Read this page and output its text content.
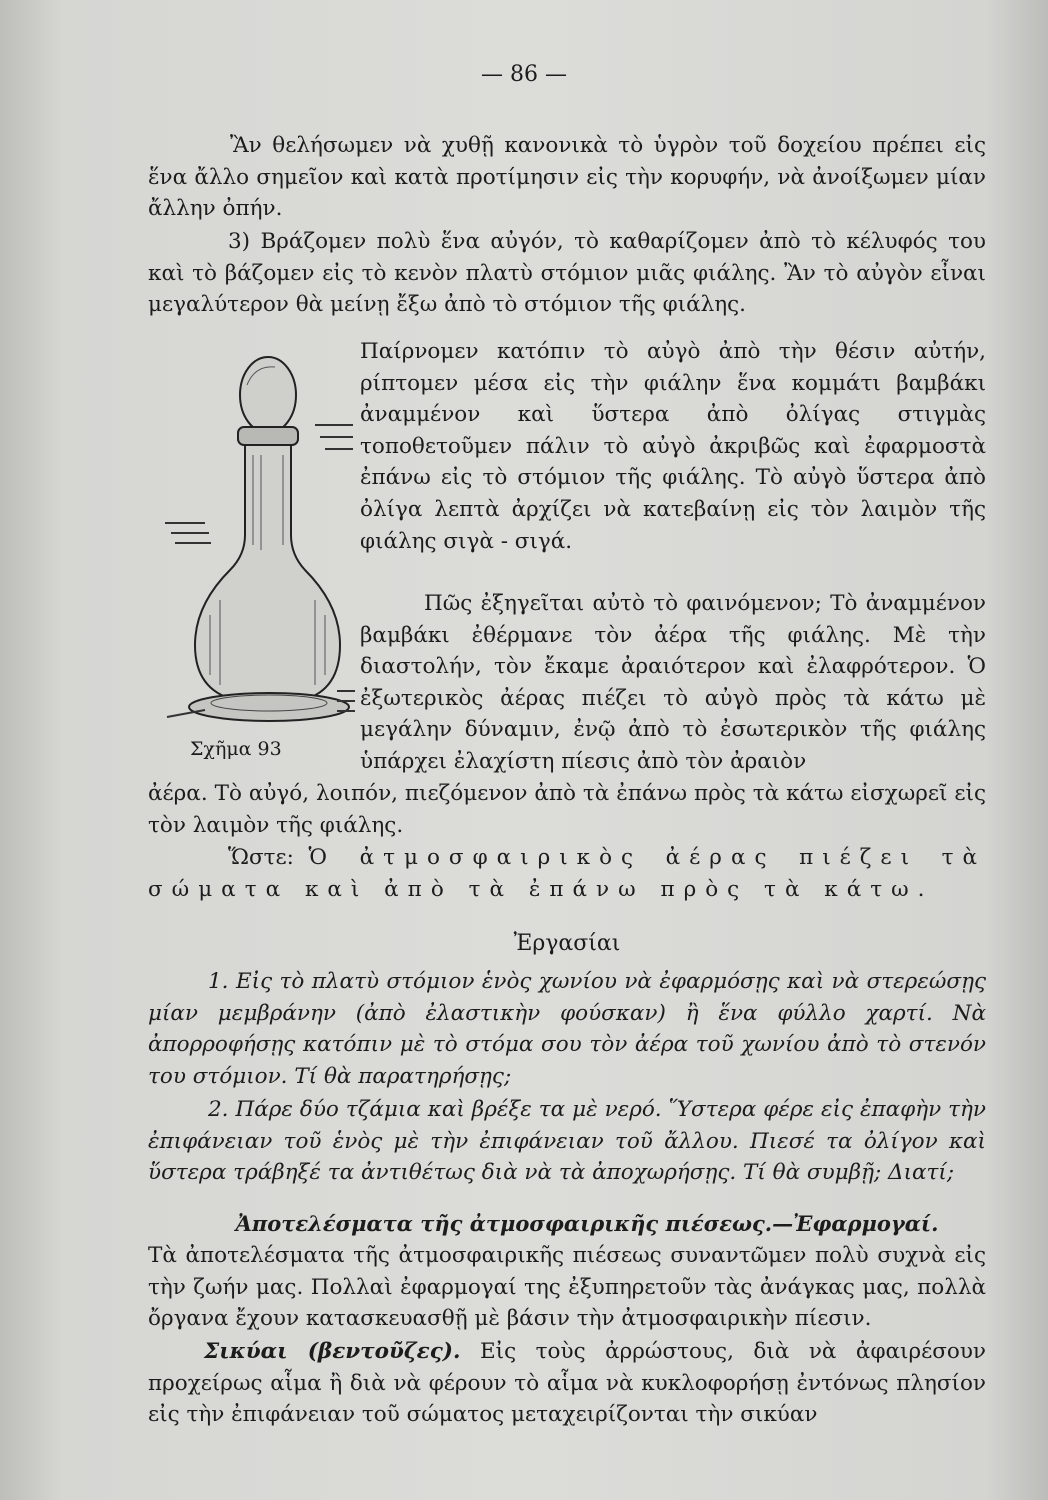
— 86 —
Ἂν θελήσωμεν νὰ χυθῇ κανονικὰ τὸ ὑγρὸν τοῦ δοχείου πρέπει εἰς ἕνα ἄλλο σημεῖον καὶ κατὰ προτίμησιν εἰς τὴν κορυφήν, νὰ ἀνοίξωμεν μίαν ἄλλην ὀπήν.
3) Βράζομεν πολὺ ἕνα αὐγόν, τὸ καθαρίζομεν ἀπὸ τὸ κέλυφός του καὶ τὸ βάζομεν εἰς τὸ κενὸν πλατὺ στόμιον μιᾶς φιάλης. Ἂν τὸ αὐγὸν εἶναι μεγαλύτερον θὰ μείνῃ ἔξω ἀπὸ τὸ στόμιον τῆς φιάλης.
Παίρνομεν κατόπιν τὸ αὐγὸ ἀπὸ τὴν θέσιν αὐτήν, ρίπτομεν μέσα εἰς τὴν φιάλην ἕνα κομμάτι βαμβάκι ἀναμμένον καὶ ὕστερα ἀπὸ ὀλίγας στιγμὰς τοποθετοῦμεν πάλιν τὸ αὐγὸ ἀκριβῶς καὶ ἐφαρμοστὰ ἐπάνω εἰς τὸ στόμιον τῆς φιάλης. Τὸ αὐγὸ ὕστερα ἀπὸ ὀλίγα λεπτὰ ἀρχίζει νὰ κατεβαίνῃ εἰς τὸν λαιμὸν τῆς φιάλης σιγὰ - σιγά.
Πῶς ἐξηγεῖται αὐτὸ τὸ φαινόμενον; Τὸ ἀναμμένον βαμβάκι ἐθέρμανε τὸν ἀέρα τῆς φιάλης. Μὲ τὴν διαστολήν, τὸν ἔκαμε ἀραιότερον καὶ ἐλαφρότερον. Ὁ ἐξωτερικὸς ἀέρας πιέζει τὸ αὐγὸ πρὸς τὰ κάτω μὲ μεγάλην δύναμιν, ἐνῷ ἀπὸ τὸ ἐσωτερικὸν τῆς φιάλης ὑπάρχει ἐλαχίστη πίεσις ἀπὸ τὸν ἀραιὸν
ἀέρα. Τὸ αὐγό, λοιπόν, πιεζόμενον ἀπὸ τὰ ἐπάνω πρὸς τὰ κάτω εἰσχωρεῖ εἰς τὸν λαιμὸν τῆς φιάλης.
Ὥστε: Ὁ ἀτμοσφαιρικὸς ἀέρας πιέζει τὰ σώματα καὶ ἀπὸ τὰ ἐπάνω πρὸς τὰ κάτω.
Σχῆμα 93
Ἐργασίαι
1. Εἰς τὸ πλατὺ στόμιον ἑνὸς χωνίου νὰ ἐφαρμόσῃς καὶ νὰ στερεώσῃς μίαν μεμβράνην (ἀπὸ ἐλαστικὴν φούσκαν) ἢ ἕνα φύλλο χαρτί. Νὰ ἀπορροφήσῃς κατόπιν μὲ τὸ στόμα σου τὸν ἀέρα τοῦ χωνίου ἀπὸ τὸ στενόν του στόμιον. Τί θὰ παρατηρήσῃς;
2. Πάρε δύο τζάμια καὶ βρέξε τα μὲ νερό. Ὕστερα φέρε εἰς ἐπαφὴν τὴν ἐπιφάνειαν τοῦ ἑνὸς μὲ τὴν ἐπιφάνειαν τοῦ ἄλλου. Πιεσέ τα ὀλίγον καὶ ὕστερα τράβηξέ τα ἀντιθέτως διὰ νὰ τὰ ἀποχωρήσῃς. Τί θὰ συμβῇ; Διατί;
Ἀποτελέσματα τῆς ἀτμοσφαιρικῆς πιέσεως.—Ἐφαρμογαί.
Τὰ ἀποτελέσματα τῆς ἀτμοσφαιρικῆς πιέσεως συναντῶμεν πολὺ συχνὰ εἰς τὴν ζωήν μας. Πολλαὶ ἐφαρμογαί της ἐξυπηρετοῦν τὰς ἀνάγκας μας, πολλὰ ὄργανα ἔχουν κατασκευασθῇ μὲ βάσιν τὴν ἀτμοσφαιρικὴν πίεσιν.
Σικύαι (βεντοῦζες). Εἰς τοὺς ἀρρώστους, διὰ νὰ ἀφαιρέσουν προχείρως αἷμα ἢ διὰ νὰ φέρουν τὸ αἷμα νὰ κυκλοφορήσῃ ἐντόνως πλησίον εἰς τὴν ἐπιφάνειαν τοῦ σώματος μεταχειρίζονται τὴν σικύαν
